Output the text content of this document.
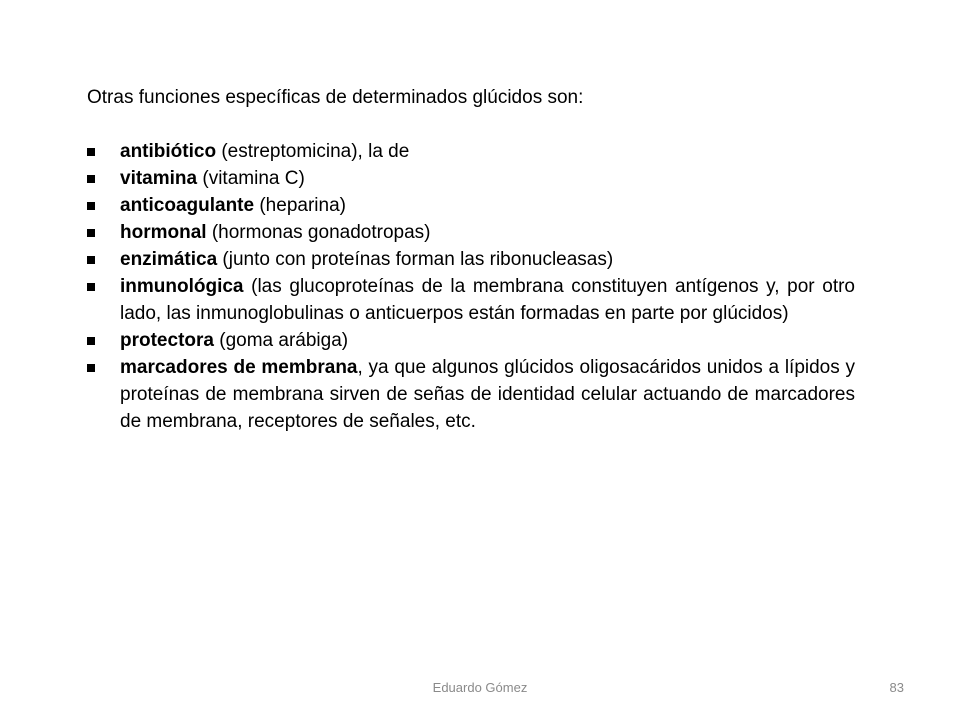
Otras funciones específicas de determinados glúcidos son:
antibiótico (estreptomicina), la de
vitamina (vitamina C)
anticoagulante (heparina)
hormonal (hormonas gonadotropas)
enzimática (junto con proteínas forman las ribonucleasas)
inmunológica (las glucoproteínas de la membrana constituyen antígenos y, por otro lado, las inmunoglobulinas o anticuerpos están formadas en parte por glúcidos)
protectora (goma arábiga)
marcadores de membrana, ya que algunos glúcidos oligosacáridos unidos a lípidos y proteínas de membrana sirven de señas de identidad celular actuando de marcadores de membrana, receptores de señales, etc.
Eduardo Gómez	83
